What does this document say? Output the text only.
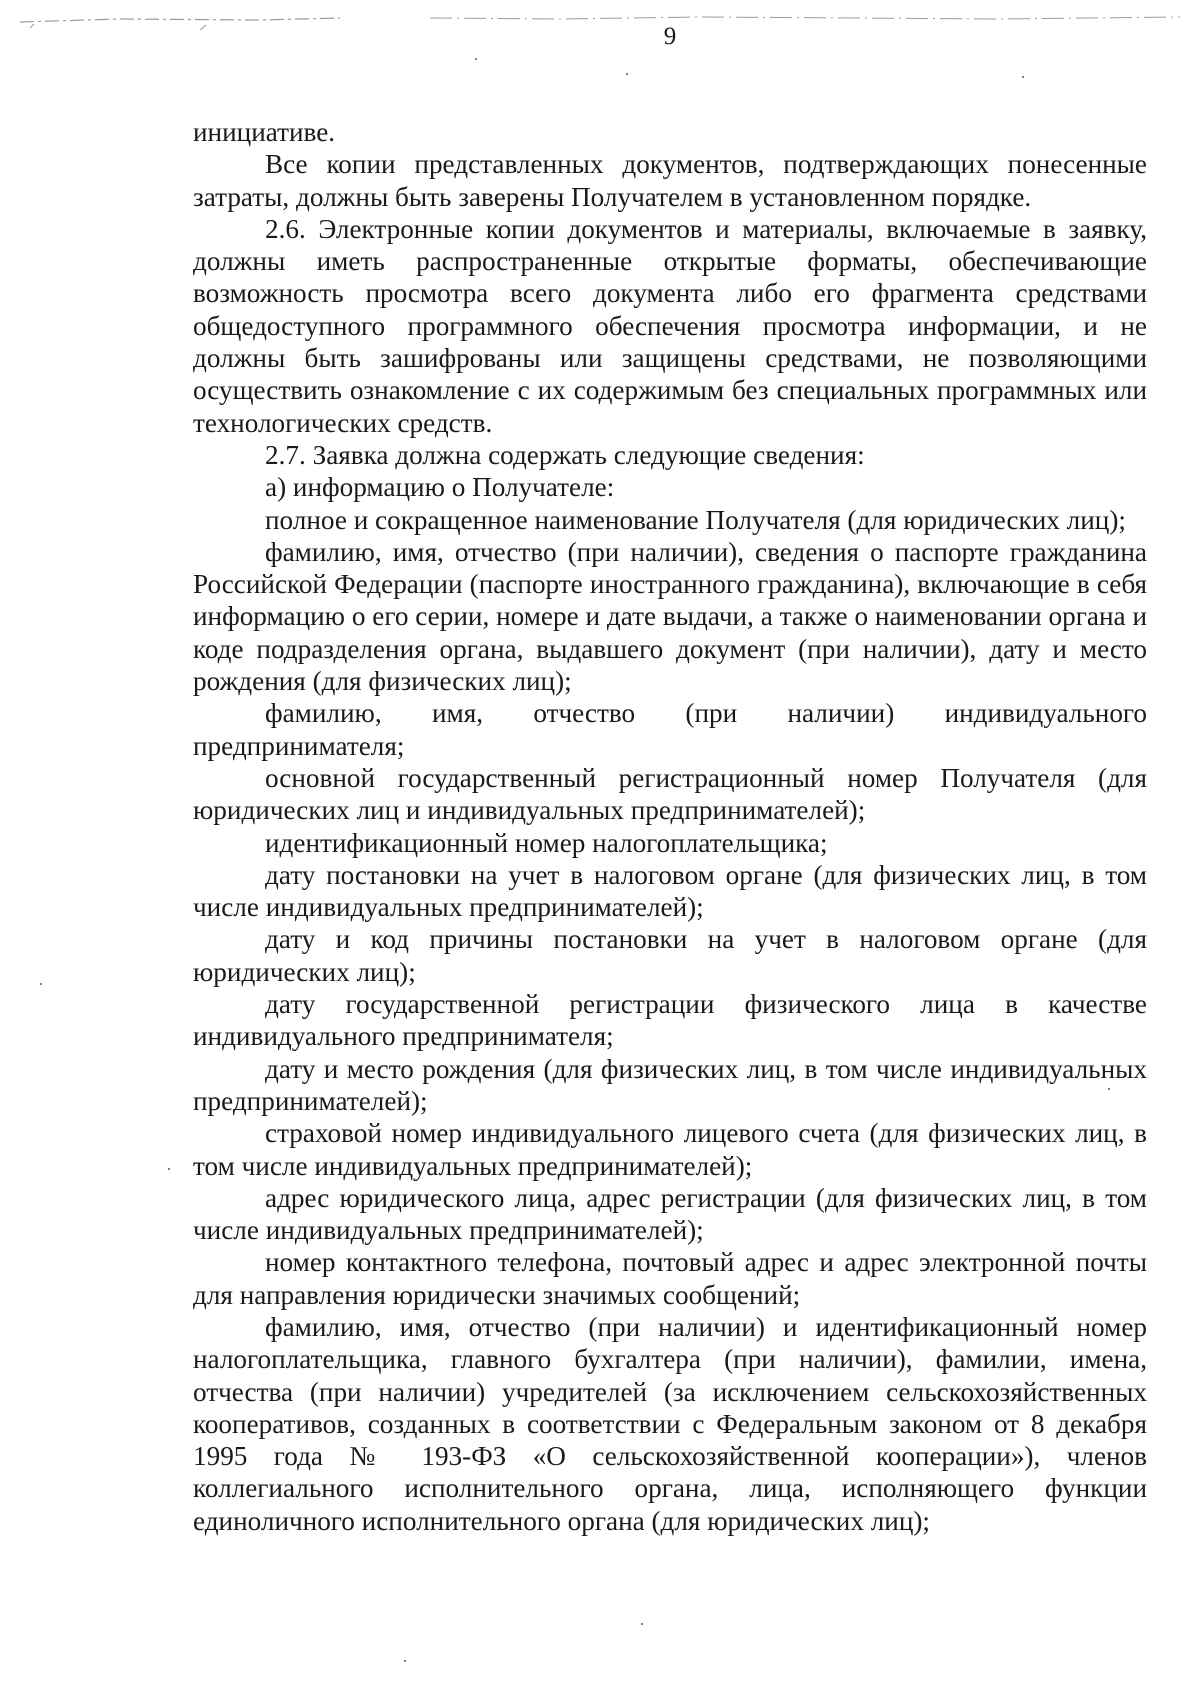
9

инициативе.

Все копии представленных документов, подтверждающих понесенные затраты, должны быть заверены Получателем в установленном порядке.

2.6. Электронные копии документов и материалы, включаемые в заявку, должны иметь распространенные открытые форматы, обеспечивающие возможность просмотра всего документа либо его фрагмента средствами общедоступного программного обеспечения просмотра информации, и не должны быть зашифрованы или защищены средствами, не позволяющими осуществить ознакомление с их содержимым без специальных программных или технологических средств.

2.7. Заявка должна содержать следующие сведения:

а) информацию о Получателе:

полное и сокращенное наименование Получателя (для юридических лиц);

фамилию, имя, отчество (при наличии), сведения о паспорте гражданина Российской Федерации (паспорте иностранного гражданина), включающие в себя информацию о его серии, номере и дате выдачи, а также о наименовании органа и коде подразделения органа, выдавшего документ (при наличии), дату и место рождения (для физических лиц);

фамилию, имя, отчество (при наличии) индивидуального предпринимателя;

основной государственный регистрационный номер Получателя (для юридических лиц и индивидуальных предпринимателей);

идентификационный номер налогоплательщика;

дату постановки на учет в налоговом органе (для физических лиц, в том числе индивидуальных предпринимателей);

дату и код причины постановки на учет в налоговом органе (для юридических лиц);

дату государственной регистрации физического лица в качестве индивидуального предпринимателя;

дату и место рождения (для физических лиц, в том числе индивидуальных предпринимателей);

страховой номер индивидуального лицевого счета (для физических лиц, в том числе индивидуальных предпринимателей);

адрес юридического лица, адрес регистрации (для физических лиц, в том числе индивидуальных предпринимателей);

номер контактного телефона, почтовый адрес и адрес электронной почты для направления юридически значимых сообщений;

фамилию, имя, отчество (при наличии) и идентификационный номер налогоплательщика, главного бухгалтера (при наличии), фамилии, имена, отчества (при наличии) учредителей (за исключением сельскохозяйственных кооперативов, созданных в соответствии с Федеральным законом от 8 декабря 1995 года № 193-ФЗ «О сельскохозяйственной кооперации»), членов коллегиального исполнительного органа, лица, исполняющего функции единоличного исполнительного органа (для юридических лиц);
